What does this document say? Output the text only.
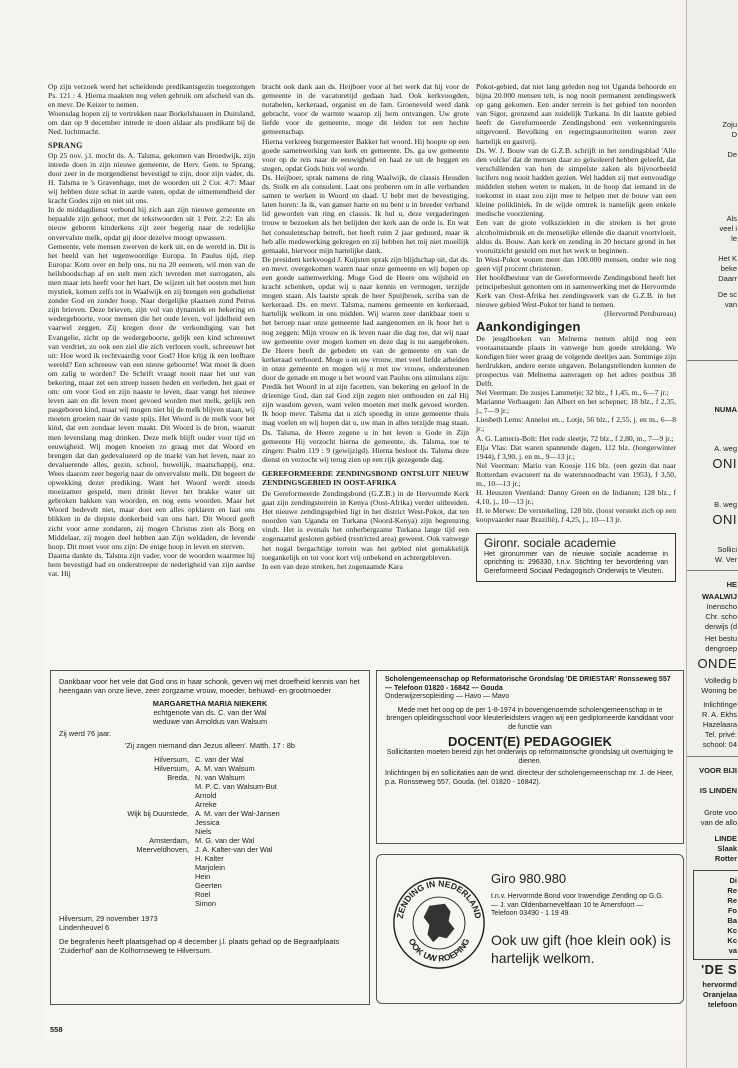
Op zijn verzoek werd het scheidende predikantsgezin toegezongen Ps. 121 : 4. Hierna maakten nog velen gebruik om afscheid van ds. en mevr. De Keizer te nemen.

Woensdag hopen zij te vertrekken naar Borkelshausen in Duitsland, om dan op 9 december intrede te doen aldaar als predikant bij de Ned. luchtmacht.

SPRANG

Op 25 nov. j.l. mocht ds. A. Talsma, gekomen van Broedwijk, zijn intrede doen in zijn nieuwe gemeente, de Herv. Gem. te Sprang, door zeer in de morgendienst bevestigd te zijn, door zijn vader, ds. H. Talsma te 's Gravenhage, met de woorden uit 2 Cor. 4:7: Maar wij hebben deze schat in aarde vaten, opdat de uitnemendheid der kracht Godes zijn en niet uit ons.

In de middagdienst verbond hij zich aan zijn nieuwe gemeente en bepaalde zijn gehoor, met de tekstwoorden uit 1 Petr. 2:2: En als nieuw geboren kinderkens zijt zeer begerig naar de redelijke onvervalste melk, opdat gij door dezelve moogt opwassen.

Gemeente, vele mensen zwerven de kerk uit, en de wereld in. Dit is het beeld van het tegenwoordige Europa. In Paulus tijd, riep Europa: Kom over en help ons, nu na 20 eeuwen, wil men van de heilsboodschap af en stelt men zich tevreden met surrogaten, als men maar iets heeft voor het hart. De wijzen uit het oosten met hun mystiek, komen zelfs tot in Waalwijk en zij brengen een godsdienst zonder God en zonder hoop. Naar dergelijke plaatsen zond Petrus zijn brieven. Deze brieven, zijn vol van dynamiek en bekering en wedergeboorte, voor mensen die het oude leven, vol ijdelheid een vaarwel zeggen. Zij kregen door de verkondiging van het Evangelie, zicht op de wedergeboorte, gelijk een kind schreeuwt van verdriet, zo ook een ziel die zich verloren voelt, schreeuwt het uit: Hoe word ik rechtvaardig voor God? Hoe krijg ik een leefbare wereld? Een schreeuw van een nieuw geboorne! Wat moet ik doen om zalig te worden? De Schrift vraagt nooit naar het uur van bekering, maar zet een streep tussen heden en verleden, het gaat er om: om voor God en zijn naaste te leven, daar vangt het nieuwe leven aan en dit leven moet gevoed worden met melk, gelijk een pasgeboren kind, maar wij mogen niet bij de melk blijven staan, wij moeten groeien naar de vaste spijs. Het Woord is de melk voor het kind, dat een zondaar leven maakt. Dit Woord is de bron, waaruit men levenslang mag drinken. Deze melk blijft ouder voor tijd en eeuwigheid. Wij mogen knoeien zo graag met dat Woord en brengen dat dan gedevalueerd op de markt van het leven, naar zo devaluerende alles, gezin, school, huwelijk, maatschappij, enz. Wees daarom zeer begerig naar de onvervalste melk. Dit begeert de opwekking dezer prediking. Want het Woord werdt steeds moeizamer gespeld, men drinkt liever het brakke water uit gebroken bakken van woorden, en nog eens woorden. Maar het Woord bedevelt niet, maar doet een alles opklaren en laat ons blikken in de diepste donkerheid van ons hart. Dit Woord geeft zicht voor arme zondaren, zij mogen Christus zien als Borg en Middelaar, zij mogen deel hebben aan Zijn weldaden, de levende hoop. Dit moet voor ons zijn: De enige hoop in leven en sterven.

Daarna dankte ds. Talsma zijn vader, voor de woorden waarmee hij hem bevestigd had en onderstreepte de nederigheid van zijn aardse vat. Hij

bracht ook dank aan ds. Heijboer voor al het werk dat hij voor de gemeente in de vacaturetijd gedaan had. Ook kerkvoogden, notabelen, kerkeraad, organist en de fam. Groeneveld werd dank gebracht, voor de warmte waarop zij hem ontvangen. Uw grote liefde voor de gemeente, moge dit leiden tot een hechte gemeenschap.

Hierna verkreeg burgemeester Bakker het woord. Hij hoopte op een goede samenwerking van kerk en gemeente. Ds. ga uw gemeente voor op de reis naar de eeuwigheid en haal ze uit de heggen en stegen, opdat Gods huis vol worde.

Ds. Heijboer, sprak namens de ring Waalwijk, de classis Heusden ds. Stolk en als consulent. Laat ons proberen om in alle verbanden samen te werken in Woord en daad. U bebt met de bevestiging, laten horen: Ja ik, van ganser harte en nu bent u in breeder verband lid geworden van ring en classis. Ik hul u, deze vergaderingen trouw te bezoeken als het belijden der kerk aan de orde is. En wat het consulentschap betreft, het heeft ruim 2 jaar geduurd, maar ik heb alle medewerking gekregen en zij hebben het mij niet moeilijk gemaakt, hiervoor mijn hartelijke dank.

De president kerkvoogd J. Kuijsten sprak zijn blijdschap uit, dat ds. en mevr. overgekomen waren naar onze gemeente en wij hopen op een goede samenwerking. Moge God de Heere ons wijsheid en kracht schenken, opdat wij u naar kennis en vermogen, terzijde mogen staan. Als laatste sprak de heer Spuijbroek, scriba van de kerkeraad. Ds. en mevr. Talsma, namens gemeente en kerkeraad, hartelijk welkom in ons midden. Wij waren zeer dankbaar toen u het beroep naar onze gemeente had aangenomen en ik hoor het u nog zeggen: Mijn vrouw en ik leven naar die dag toe, dat wij naar uw gemeente over mogen komen en deze dag is nu aangebroken. De Heere heeft de gebeden en van de gemeente en van de kerkeraad verhoord. Moge u en uw vrouw, met veel liefde arbeiden in onze gemeente en mogen wij u met uw vrouw, ondersteunen door de genade en moge u het woord van Paulus ons stimulans zijn: Predik het Woord in al zijn facetten, van bekering en geloof in de drieenige God, dan zal God zijn zegen niet onthouden en zal Hij zijn wasdom geven, want velen moeten met melk gevoed worden. Ik hoop mevr. Talsma dat u zich spoedig in onze gemeente thuis mag voelen en wij hopen dat u, uw man in alles terzijde mag staan. Ds. Talsma, de Heere zegene u in het leven u Gode in Zijn gemeente Hij verzocht hierna de gemeente, ds. Talsma, toe te zingen: Psalm 119 : 9 (gewijzigd). Hierna besloot ds. Talsma deze dienst en verzocht wij terug zien op een rijk gezegende dag.

GEREFORMEERDE ZENDINGSBOND ONTSLUIT NIEUW ZENDINGSGEBIED IN OOST-AFRIKA

De Gereformeerde Zendingsbond (G.Z.B.) in de Hervormde Kerk gaat zijn zendingsterrein in Kenya (Oost-Afrika) verder uitbreiden. Het nieuwe zendingsgebied ligt in het district West-Pokot, dat ten noorden van Uganda en Turkana (Noord-Kenya) zijn begrenzing vindt. Het is evenals het onherbergzame Turkana lange tijd een zogenaamd gesloten gebied (restricted area) geweest. Ook vanwege het nogal bergachtige terrein was het gebied niet gemakkelijk toegankelijk en tot voor kort vrij onbekend en achtergebleven.

In een van deze streken, het zogenaamde Kara

Pokot-gebied, dat niet lang geleden nog tot Uganda behoorde en bijna 20.000 mensen telt, is nog nooit permanent zendingswerk op gang gekomen. Een ander terrein is het gebied ten noorden van Sigor, grenzend aan zuidelijk Turkana. In dit laatste gebied heeft de Gereformeerde Zendingsbond een verkenningsreis uitgevoerd. Bevolking en regeringsautoriteiten waren zeer hartelijk en gastvrij.

Ds. W. J. Bouw van de G.Z.B. schrijft in het zendingsblad 'Alle den volcke' dat de mensen daar zo geïsoleerd hebben geleefd, dat verschillenden van hen de simpelste zaken als bijvoorbeeld lucifers nog nooit hadden gezien. Wel hadden zij met eenvoudige middelen stehen weten te maken, in de hoop dat iemand in de toekomst in staat zou zijn mee te helpen met de bouw van een kleine polikliniek. In de wijde omtrek is namelijk geen enkele medische voorziening.

Een van de grote volksziekten in die streken is het grote alcoholmisbruik en de menselijke ellende die daaruit voortvloeit, aldus ds. Bouw. Aan kerk en zending in 20 hectare grond in het vooruitzicht gesteld om met het werk te beginnen.

In West-Pokot wonen meer dan 100.000 mensen, onder wie nog geen vijf procent christenen.

Het hoofdbestuur van de Gereformeerde Zendingsbond heeft het principebesluit genomen om in samenwerking met de Hervormde Kerk van Oost-Afrika het zendingswerk van de G.Z.B. in het nieuwe gebied West-Pokot ter hand te nemen.

(Hervormd Persbureau)

Aankondigingen

De jeugdboeken van Melnema nemen altijd nog een vooraanstaande plaats in vanwege hun goede strekking. We kondigen hier weer graag de volgende deeltjes aan. Sommige zijn herdrukken, andere eerste uitgaven. Belangstellenden kunnen de prospectus van Melnema aanvragen op het adres postbus 38 Delft.

Nel Veerman: De zusjes Lammetje; 32 blz., f 1,45, m., 6—7 jr.;

Marianne Verhaagen: Jan Albert en het schepnet; 18 blz., f 2,35, j., 7—9 jr.;

Liesbeth Lems: Annelot en... Lotje, 56 blz., f 2,55, j. en m., 6—8 jr.;

A. G. Lameris-Bolt: Het rode sleetje, 72 blz., f 2,80, m., 7—9 jr.;

Elja Vlas: Dat waren spannende dagen, 112 blz. (hongerwinter 1944), f 3,90, j. en m., 9—13 jr.;

Nel Veerman: Mario van Koosje 116 blz. (een gezin dat naar Rotterdam evacueert na de watersnoodnacht van 1953), f 3,50, m., 10—13 jr.;

H. Heuszen Veenland: Danny Green en de Indianen; 128 blz., f 4,10, j., 10—13 jr.;

H. te Merwe: De verstekeling, 128 blz. (loost verstekt zich op een koopvaarder naar Brazilië), f 4,25, j., 10—13 jr.

Gironr. sociale academie
Het gironummer van de nieuwe sociale academie in oprichting is: 296330, t.n.v. Stichting ter bevordering van Gereformeerd Sociaal Pedagogisch Onderwijs te Vleuten.
Dankbaar voor het vele dat God ons in haar schonk, geven wij met droefheid kennis van het heengaan van onze lieve, zeer zorgzame vrouw, moeder, behuwd- en grootmoeder
MARGARETHA MARIA NIEKERK
echtgenote van ds. C. van der Wal
weduwe van Arnoldus van Walsum
Zij werd 76 jaar.
'Zij zagen niemand dan Jezus alleen'. Matth. 17 : 8b
Hilversum, C. van der Wal
Hilversum, A. M. van Walsum
Breda, N. van Walsum
M. P. C. van Walsum-But
Arnold
Arreke
Wijk bij Duurstede, A. M. van der Wal-Jansen
Jessica
Niels
Amsterdam, M. G. van der Wal
Meerveldhoven, J. A. Kalter-van der Wal
H. Kalter
Marjolein
Hein
Geerten
Roel
Simon
Hilversum, 29 november 1973
Lindenheuvel 6
De begrafenis heeft plaatsgehad op 4 december j.l. plaats gehad op de Begraafplaats 'Zuiderhof' aan de Kolhornseweg te Hilversum.
Scholengemeenschap op Reformatorische Grondslag 'DE DRIESTAR' Ronsseweg 557 — Telefoon 01820 - 16842 — Gouda
Onderwijzersopleiding — Havo — Mavo
Mede met het oog op de per 1-8-1974 in bovengenoemde scholengemeenschap in te brengen opleidingsschool voor kleuterleidsters vragen wij een gediplomeerde kandidaat voor de functie van
DOCENT(E) PEDAGOGIEK
Sollicitanten moeten bereid zijn het onderwijs op reformatorische grondslag uit overtuiging te dienen.
Inlichtingen bij en sollicitaties aan de wnd. directeur der scholengemeenschap mr. J. de Heer, p.a. Ronsseweg 557, Gouda. (tel. 01820 - 16842).
ZENDING IN NEDERLAND
OOK UW ROEPING
Giro 980.980
t.n.v. Hervormde Bond voor Inwendige Zending op G.G. — J. van Oldenbarneveltlaan 10 te Amersfoort — Telefoon 03490 - 1 19 49.
Ook uw gift (hoe klein ook) is hartelijk welkom.
558
Zoju
D
De
Als
veel i
le
Het K
beke
Daarr
De sc
van
NUMA
A. weg
ONI
B. weg
ONI
Sollici
W. Ver
HE
WAALWIJ
Inenscho
Chr. scho
derwijs (d
Het bestu
dengroep
ONDE
Volledig b
Woning be
Inlichtinge
R. A. Ekhs
Hazelaara
Tel. privé:
school: 04
VOOR BIJI
IS LINDEN
Grote voo
van de allo
LINDE
Slaak
Rotter
Di
Re
Re
Fo
Ba
Kc
Kc
va
'DE S
hervormd
Oranjelaa
telefoon
